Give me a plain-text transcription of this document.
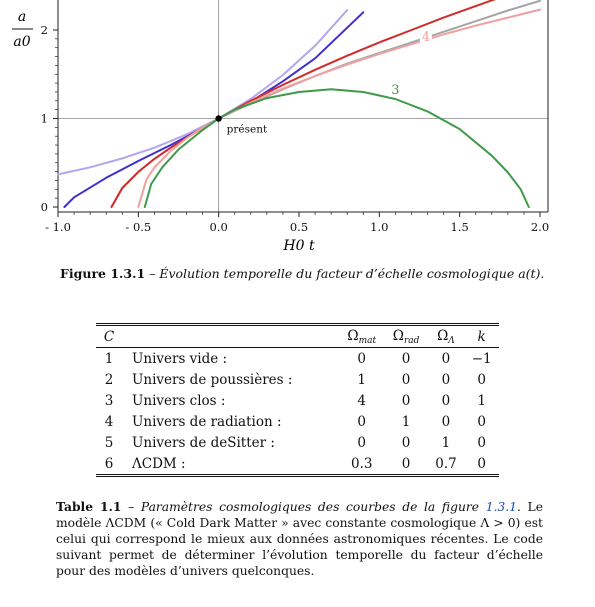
- 1.0	- 0.5	0.0	0.5	1.0	1.5	2.0
0
1
2
a
a0
H0 t
4
3
présent
Figure 1.3.1 – Évolution temporelle du facteur d’échelle cosmologique a(t).
C		$\Omega_{mat}$	$\Omega_{rad}$	$\Omega_\Lambda$	k
1	Univers vide :	0	0	0	−1
2	Univers de poussières :	1	0	0	0
3	Univers clos :	4	0	0	1
4	Univers de radiation :	0	1	0	0
5	Univers de deSitter :	0	0	1	0
6	ΛCDM :	0.3	0	0.7	0
Table 1.1 – Paramètres cosmologiques des courbes de la figure 1.3.1. Le modèle ΛCDM (« Cold Dark Matter » avec constante cosmologique Λ > 0) est celui qui correspond le mieux aux données astronomiques récentes. Le code suivant permet de déterminer l’évolution temporelle du facteur d’échelle pour des modèles d’univers quelconques.
